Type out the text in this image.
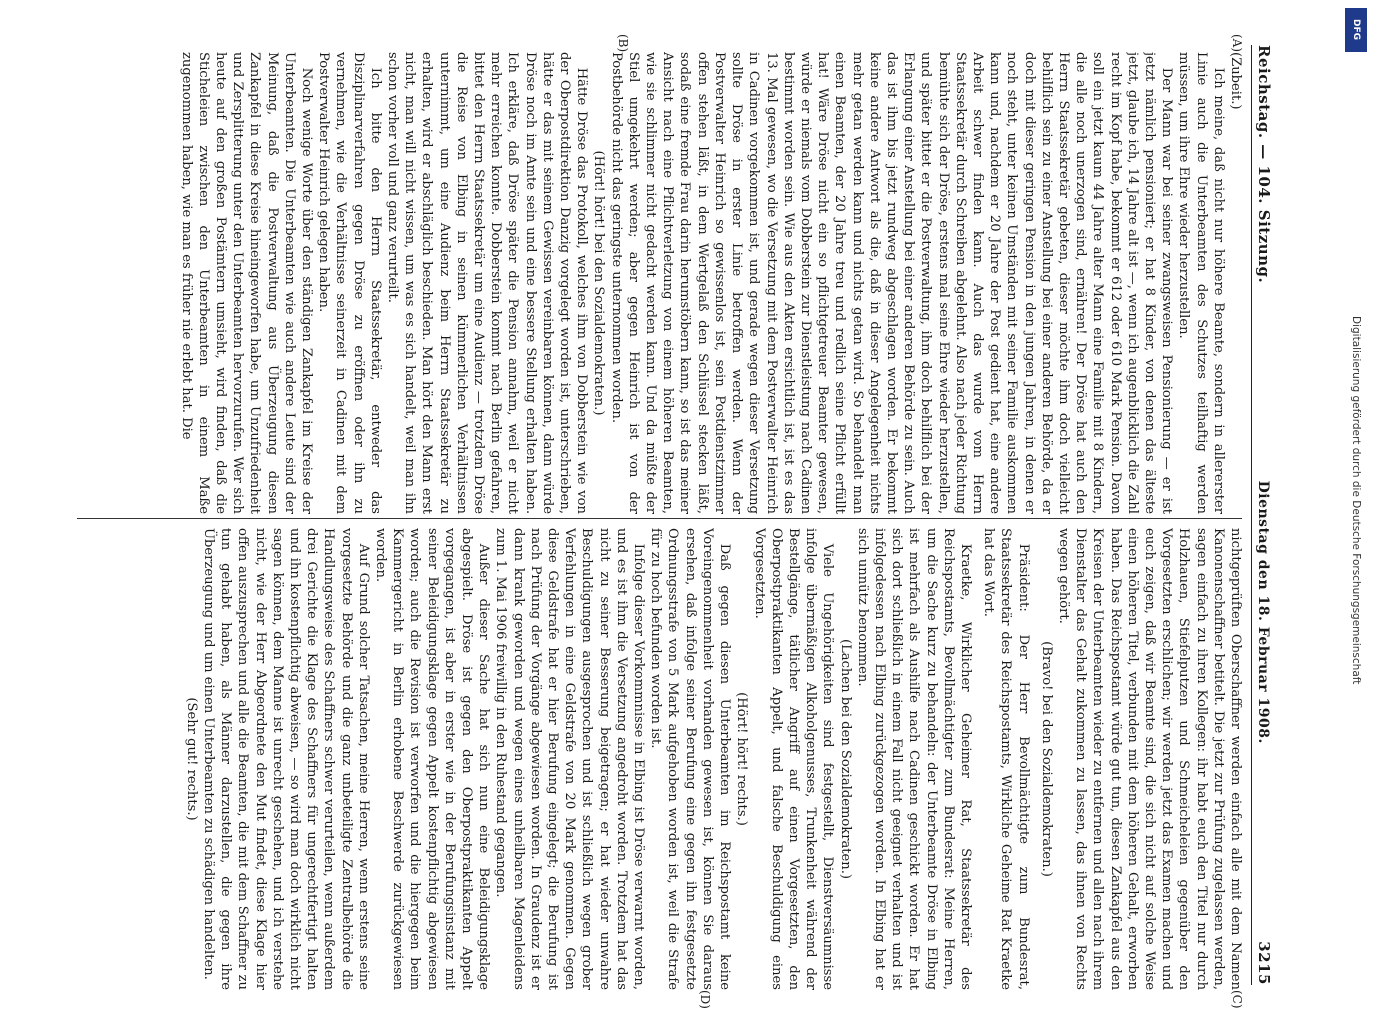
Reichstag. — 104. Sitzung.
Dienstag den 18. Februar 1908.
3215
(A)
(B)
(C)
(D)

(Zubeit.)

Ich meine, daß nicht nur höhere Beamte, sondern in allererster Linie auch die Unterbeamten des Schutzes teilhaftig werden müssen, um ihre Ehre wieder herzustellen.

Der Mann war bei seiner zwangsweisen Pensionierung — er ist jetzt nämlich pensioniert; er hat 8 Kinder, von denen das älteste jetzt, glaube ich, 14 Jahre alt ist —, wenn ich augenblicklich die Zahl recht im Kopf habe, bekommt er 612 oder 610 Mark Pension. Davon soll ein jetzt kaum 44 Jahre alter Mann eine Familie mit 8 Kindern, die alle noch unerzogen sind, ernähren! Der Dröse hat auch den Herrn Staatssekretär gebeten, dieser möchte ihm doch vielleicht behilflich sein zu einer Anstellung bei einer anderen Behörde, da er doch mit dieser geringen Pension in den jungen Jahren, in denen er noch steht, unter keinen Umständen mit seiner Familie auskommen kann und, nachdem er 20 Jahre der Post gedient hat, eine andere Arbeit schwer finden kann. Auch das wurde vom Herrn Staatssekretär durch Schreiben abgelehnt. Also nach jeder Richtung bemühte sich der Dröse, erstens mal seine Ehre wieder herzustellen, und später bittet er die Postverwaltung, ihm doch behilflich bei der Erlangung einer Anstellung bei einer anderen Behörde zu sein. Auch das ist ihm bis jetzt rundweg abgeschlagen worden. Er bekommt keine andere Antwort als die, daß in dieser Angelegenheit nichts mehr getan werden kann und nichts getan wird. So behandelt man einen Beamten, der 20 Jahre treu und redlich seine Pflicht erfüllt hat! Wäre Dröse nicht ein so pflichtgetreuer Beamter gewesen, würde er niemals vom Dobberstein zur Dienstleistung nach Cadinen bestimmt worden sein. Wie aus den Akten ersichtlich ist, ist es das 13. Mal gewesen, wo die Versetzung mit dem Postverwalter Heinrich in Cadinen vorgekommen ist, und gerade wegen dieser Versetzung sollte Dröse in erster Linie betroffen werden. Wenn der Postverwalter Heinrich so gewissenlos ist, sein Postdienstzimmer offen stehen läßt, in dem Wertgelaß den Schlüssel stecken läßt, sodaß eine fremde Frau darin herumstöbern kann, so ist das meiner Ansicht nach eine Pflichtverletzung von einem höheren Beamten, wie sie schlimmer nicht gedacht werden kann. Und da müßte der Stiel umgekehrt werden; aber gegen Heinrich ist von der Postbehörde nicht das geringste unternommen worden.

(Hört! hört! bei den Sozialdemokraten.)

Hätte Dröse das Protokoll, welches ihm von Dobberstein wie von der Oberpostdirektion Danzig vorgelegt worden ist, unterschrieben, hätte er das mit seinem Gewissen vereinbaren können, dann würde Dröse noch im Amte sein und eine bessere Stellung erhalten haben. Ich erkläre, daß Dröse später die Pension annahm, weil er nicht mehr erreichen konnte. Dobberstein kommt nach Berlin gefahren, bittet den Herrn Staatssekretär um eine Audienz — trotzdem Dröse die Reise von Elbing in seinen kümmerlichen Verhältnissen unternimmt, um eine Audienz beim Herrn Staatssekretär zu erhalten, wird er abschläglich beschieden. Man hört den Mann erst nicht, man will nicht wissen, um was es sich handelt, weil man ihn schon vorher voll und ganz verurteilt.

Ich bitte den Herrn Staatssekretär, entweder das Disziplinarverfahren gegen Dröse zu eröffnen oder ihn zu vernehmen, wie die Verhältnisse seinerzeit in Cadinen mit dem Postverwalter Heinrich gelegen haben.

Noch wenige Worte über den ständigen Zankapfel im Kreise der Unterbeamten. Die Unterbeamten wie auch andere Leute sind der Meinung, daß die Postverwaltung aus Überzeugung diesen Zankapfel in diese Kreise hineingeworfen habe, um Unzufriedenheit und Zersplitterung unter den Unterbeamten hervorzurufen. Wer sich heute auf den großen Postämtern umsieht, wird finden, daß die Sticheleien zwischen den Unterbeamten in einem Maße zugenommen haben, wie man es früher nie erlebt hat. Die

nichtgeprüften Oberschaffner werden einfach alle mit dem Namen Kanonenschaffner betitelt. Die jetzt zur Prüfung zugelassen werden, sagen einfach zu ihren Kollegen: ihr habt euch den Titel nur durch Holzhauen, Stiefelputzen und Schmeicheleien gegenüber den Vorgesetzten erschlichen; wir werden jetzt das Examen machen und euch zeigen, daß wir Beamte sind, die sich nicht auf solche Weise einen höheren Titel, verbunden mit dem höheren Gehalt, erworben haben. Das Reichspostamt würde gut tun, diesen Zankapfel aus den Kreisen der Unterbeamten wieder zu entfernen und allen nach ihrem Dienstalter das Gehalt zukommen zu lassen, das ihnen von Rechts wegen gehört.

(Bravo! bei den Sozialdemokraten.)

Präsident: Der Herr Bevollmächtigte zum Bundesrat, Staatssekretär des Reichspostamts, Wirkliche Geheime Rat Kraetke hat das Wort.

Kraetke, Wirklicher Geheimer Rat, Staatssekretär des Reichspostamts, Bevollmächtigter zum Bundesrat: Meine Herren, um die Sache kurz zu behandeln: der Unterbeamte Dröse in Elbing ist mehrfach als Aushilfe nach Cadinen geschickt worden. Er hat sich dort schließlich in einem Fall nicht geeignet verhalten und ist infolgedessen nach Elbing zurückgezogen worden. In Elbing hat er sich unnütz benommen.

(Lachen bei den Sozialdemokraten.)

Viele Ungehörigkeiten sind festgestellt, Dienstversäumnisse infolge übermäßigen Alkoholgenusses, Trunkenheit während der Bestellgänge, tätlicher Angriff auf einen Vorgesetzten, den Oberpostpraktikanten Appelt, und falsche Beschuldigung eines Vorgesetzten.

(Hört! hört! rechts.)

Daß gegen diesen Unterbeamten im Reichspostamt keine Voreingenommenheit vorhanden gewesen ist, können Sie daraus ersehen, daß infolge seiner Berufung eine gegen ihn festgesetzte Ordnungsstrafe von 5 Mark aufgehoben worden ist, weil die Strafe für zu hoch befunden worden ist.

Infolge dieser Vorkommnisse in Elbing ist Dröse verwarnt worden, und es ist ihm die Versetzung angedroht worden. Trotzdem hat das nicht zu seiner Besserung beigetragen; er hat wieder unwahre Beschuldigungen ausgesprochen und ist schließlich wegen grober Verfehlungen in eine Geldstrafe von 20 Mark genommen. Gegen diese Geldstrafe hat er hier Berufung eingelegt; die Berufung ist nach Prüfung der Vorgänge abgewiesen worden. In Graudenz ist er dann krank geworden und wegen eines unheilbaren Magenleidens zum 1. Mai 1906 freiwillig in den Ruhestand gegangen.

Außer dieser Sache hat sich nun eine Beleidigungsklage abgespielt. Dröse ist gegen den Oberpostpraktikanten Appelt vorgegangen, ist aber in erster wie in der Berufungsinstanz mit seiner Beleidigungsklage gegen Appelt kostenpflichtig abgewiesen worden; auch die Revision ist verworfen und die hiergegen beim Kammergericht in Berlin erhobene Beschwerde zurückgewiesen worden.

Auf Grund solcher Tatsachen, meine Herren, wenn erstens seine vorgesetzte Behörde und die ganz unbeteiligte Zentralbehörde die Handlungsweise des Schaffners schwer verurteilen, wenn außerdem drei Gerichte die Klage des Schaffners für ungerechtfertigt halten und ihn kostenpflichtig abweisen, — so wird man doch wirklich nicht sagen können, dem Manne ist unrecht geschehen, und ich verstehe nicht, wie der Herr Abgeordnete den Mut findet, diese Klage hier offen auszusprechen und alle die Beamten, die mit dem Schaffner zu tun gehabt haben, als Männer darzustellen, die gegen ihre Überzeugung und um einen Unterbeamten zu schädigen handelten.

(Sehr gut! rechts.)

Digitalisierung gefördert durch die Deutsche Forschungsgemeinschaft
DFG
